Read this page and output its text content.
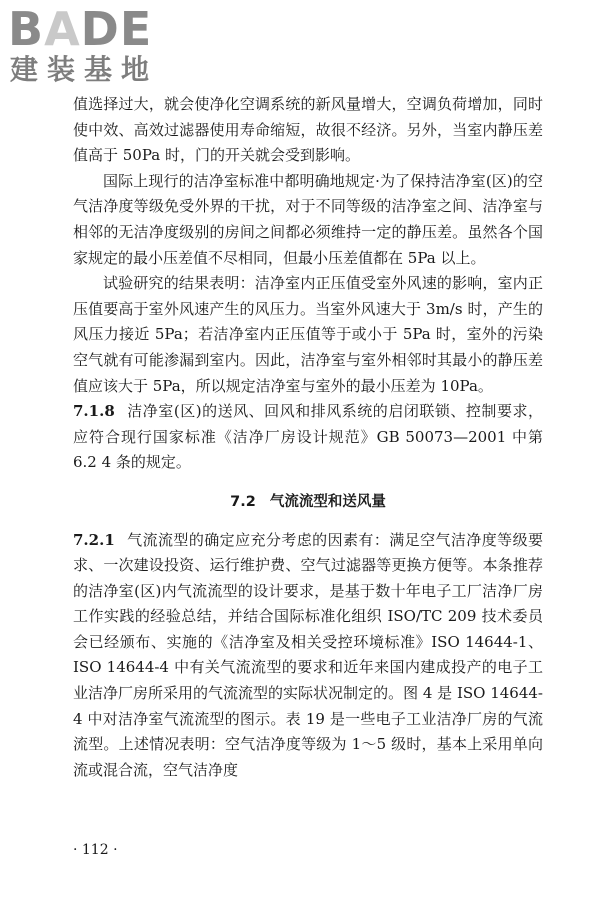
BADE
建装基地

值选择过大，就会使净化空调系统的新风量增大，空调负荷增加，同时使中效、高效过滤器使用寿命缩短，故很不经济。另外，当室内静压差值高于 50Pa 时，门的开关就会受到影响。

国际上现行的洁净室标准中都明确地规定·为了保持洁净室(区)的空气洁净度等级免受外界的干扰，对于不同等级的洁净室之间、洁净室与相邻的无洁净度级别的房间之间都必须维持一定的静压差。虽然各个国家规定的最小压差值不尽相同，但最小压差值都在 5Pa 以上。

试验研究的结果表明：洁净室内正压值受室外风速的影响，室内正压值要高于室外风速产生的风压力。当室外风速大于 3m/s 时，产生的风压力接近 5Pa；若洁净室内正压值等于或小于 5Pa 时，室外的污染空气就有可能渗漏到室内。因此，洁净室与室外相邻时其最小的静压差值应该大于 5Pa，所以规定洁净室与室外的最小压差为 10Pa。

7.1.8 洁净室(区)的送风、回风和排风系统的启闭联锁、控制要求，应符合现行国家标准《洁净厂房设计规范》GB 50073—2001 中第 6.2 4 条的规定。

7.2 气流流型和送风量

7.2.1 气流流型的确定应充分考虑的因素有：满足空气洁净度等级要求、一次建设投资、运行维护费、空气过滤器等更换方便等。本条推荐的洁净室(区)内气流流型的设计要求，是基于数十年电子工厂洁净厂房工作实践的经验总结，并结合国际标准化组织 ISO/TC 209 技术委员会已经颁布、实施的《洁净室及相关受控环境标准》ISO 14644-1、ISO 14644-4 中有关气流流型的要求和近年来国内建成投产的电子工业洁净厂房所采用的气流流型的实际状况制定的。图 4 是 ISO 14644-4 中对洁净室气流流型的图示。表 19 是一些电子工业洁净厂房的气流流型。上述情况表明：空气洁净度等级为 1～5 级时，基本上采用单向流或混合流，空气洁净度

· 112 ·
